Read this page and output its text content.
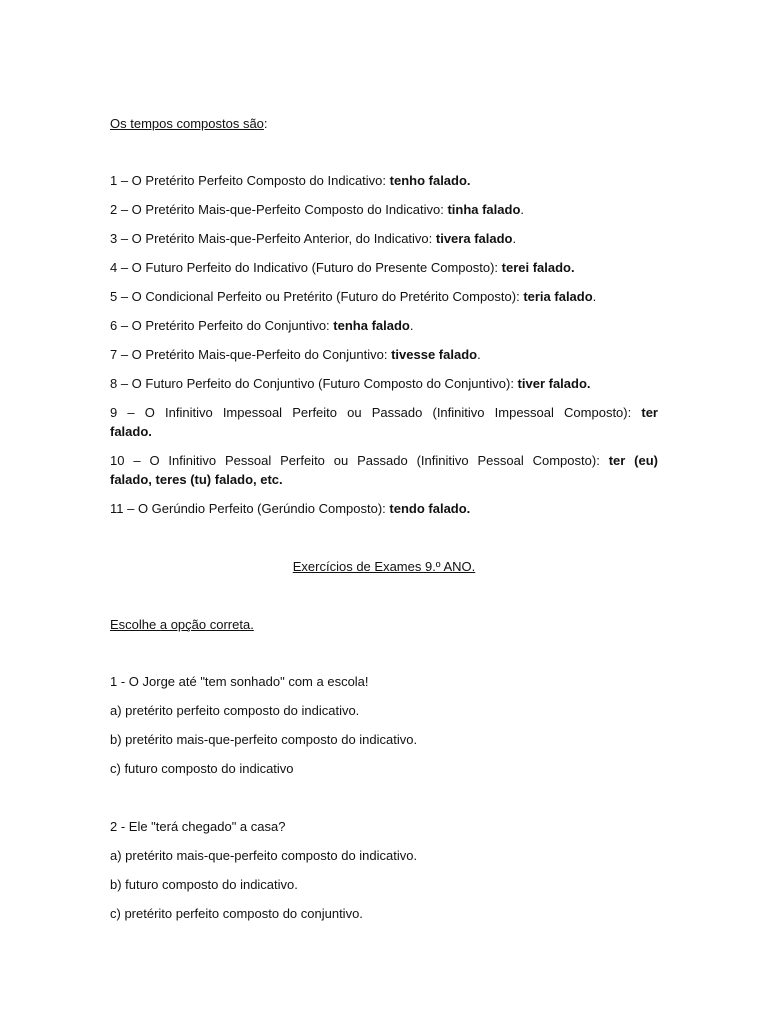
Os tempos compostos são:
1 – O Pretérito Perfeito Composto do Indicativo: tenho falado.
2 – O Pretérito Mais-que-Perfeito Composto do Indicativo: tinha falado.
3 – O Pretérito Mais-que-Perfeito Anterior, do Indicativo: tivera falado.
4 – O Futuro Perfeito do Indicativo (Futuro do Presente Composto): terei falado.
5 – O Condicional Perfeito ou Pretérito (Futuro do Pretérito Composto): teria falado.
6 – O Pretérito Perfeito do Conjuntivo: tenha falado.
7 – O Pretérito Mais-que-Perfeito do Conjuntivo: tivesse falado.
8 – O Futuro Perfeito do Conjuntivo (Futuro Composto do Conjuntivo): tiver falado.
9 – O Infinitivo Impessoal Perfeito ou Passado (Infinitivo Impessoal Composto): ter
falado.
10 – O Infinitivo Pessoal Perfeito ou Passado (Infinitivo Pessoal Composto): ter (eu)
falado, teres (tu) falado, etc.
11 – O Gerúndio Perfeito (Gerúndio Composto): tendo falado.
Exercícios de Exames 9.º ANO.
Escolhe a opção correta.
1 - O Jorge até "tem sonhado" com a escola!
a) pretérito perfeito composto do indicativo.
b) pretérito mais-que-perfeito composto do indicativo.
c) futuro composto do indicativo
2 - Ele "terá chegado" a casa?
a) pretérito mais-que-perfeito composto do indicativo.
b) futuro composto do indicativo.
c) pretérito perfeito composto do conjuntivo.
